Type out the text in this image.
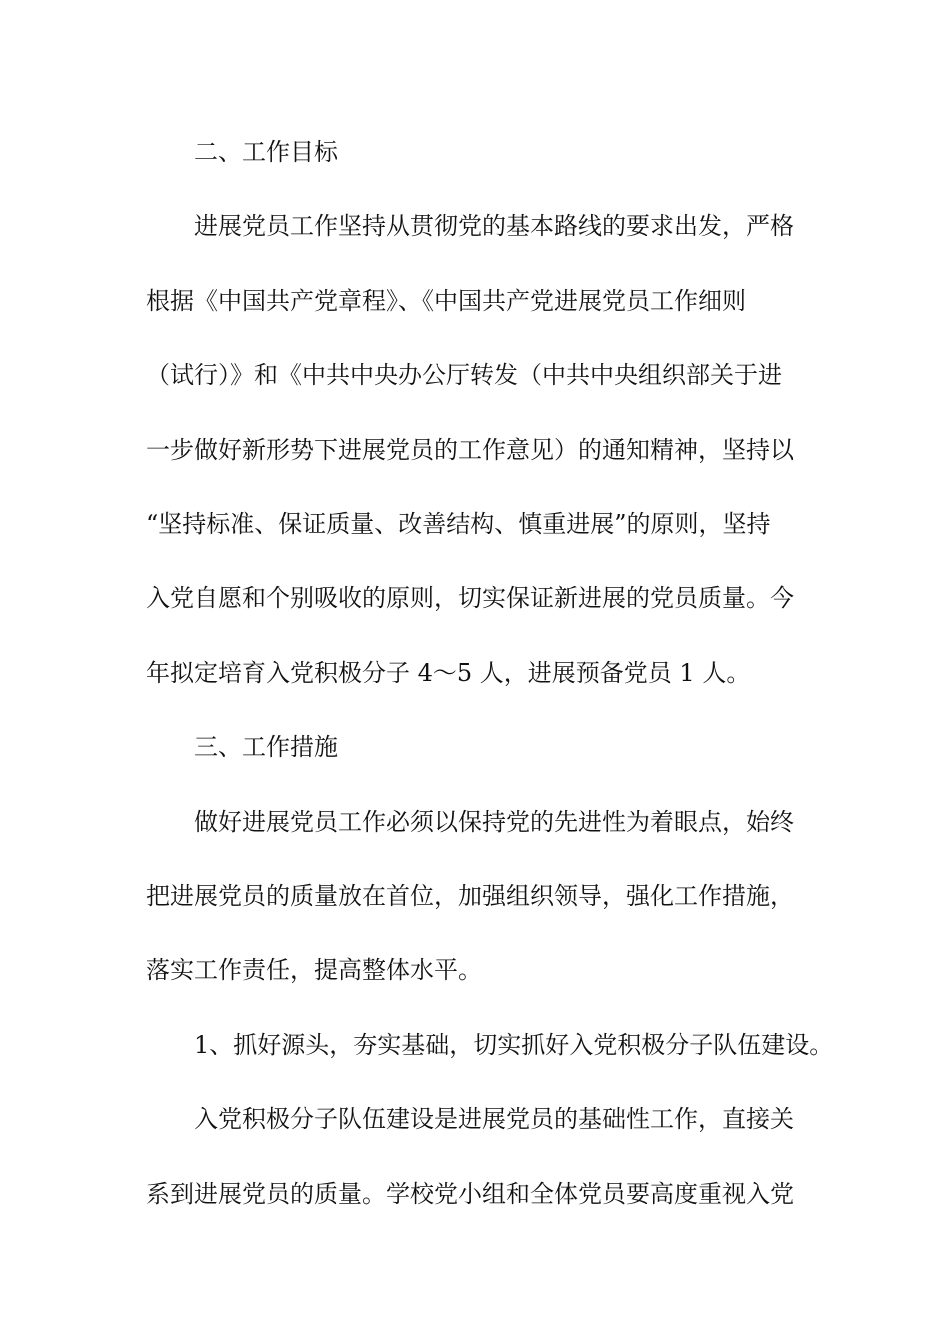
二、工作目标
进展党员工作坚持从贯彻党的基本路线的要求出发，严格
根据《中国共产党章程》、《中国共产党进展党员工作细则
（试行）》和《中共中央办公厅转发（中共中央组织部关于进
一步做好新形势下进展党员的工作意见）的通知精神，坚持以
“坚持标准、保证质量、改善结构、慎重进展”的原则，坚持
入党自愿和个别吸收的原则，切实保证新进展的党员质量。今
年拟定培育入党积极分子 4～5 人，进展预备党员 1 人。
三、工作措施
做好进展党员工作必须以保持党的先进性为着眼点，始终
把进展党员的质量放在首位，加强组织领导，强化工作措施，
落实工作责任，提高整体水平。
1、抓好源头，夯实基础，切实抓好入党积极分子队伍建设。
入党积极分子队伍建设是进展党员的基础性工作，直接关
系到进展党员的质量。学校党小组和全体党员要高度重视入党
